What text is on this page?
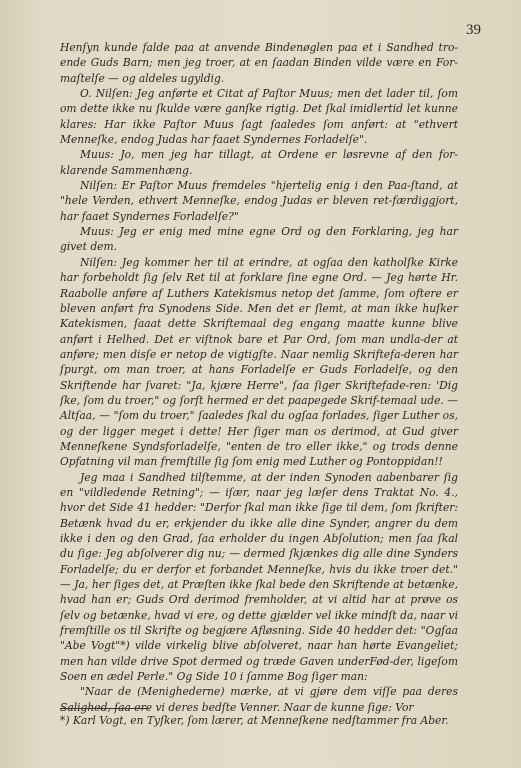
39

Henſyn kunde falde paa at anvende Bindenøglen paa et i Sandhed tro-ende Guds Barn; men jeg troer, at en ſaadan Binden vilde være en For-maſtelſe — og aldeles ugyldig.

O. Nilſen: Jeg anførte et Citat af Paſtor Muus; men det lader til, ſom om dette ikke nu ſkulde være ganſke rigtig. Det ſkal imidlertid let kunne klares: Har ikke Paſtor Muus ſagt ſaaledes ſom anført: at "ethvert Menneſke, endog Judas har faaet Syndernes Forladelſe".

Muus: Jo, men jeg har tillagt, at Ordene er løsrevne af den for-klarende Sammenhæng.

Nilſen: Er Paſtor Muus fremdeles "hjertelig enig i den Paa-ſtand, at "hele Verden, ethvert Menneſke, endog Judas er bleven ret-færdiggjort, har faaet Syndernes Forladelſe?"

Muus: Jeg er enig med mine egne Ord og den Forklaring, jeg har givet dem.

Nilſen: Jeg kommer her til at erindre, at ogſaa den katholſke Kirke har forbeholdt ſig ſelv Ret til at forklare ſine egne Ord. — Jeg hørte Hr. Raabolle anføre af Luthers Katekismus netop det ſamme, ſom oftere er bleven anført fra Synodens Side. Men det er ſlemt, at man ikke huſker Katekismen, ſaaat dette Skriftemaal deg engang maatte kunne blive anført i Helhed. Det er viſtnok bare et Par Ord, ſom man undla-der at anføre; men disſe er netop de vigtigſte. Naar nemlig Skriftefa-deren har ſpurgt, om man troer, at hans Forladelſe er Guds Forladelſe, og den Skriftende har ſvaret: "Ja, kjære Herre", ſaa ſiger Skriftefade-ren: 'Dig ſke, ſom du troer," og ſorſt hermed er det paapegede Skrif-temaal ude. — Altſaa, — "ſom du troer," ſaaledes ſkal du ogſaa forlades, ſiger Luther os, og der ligger meget i dette! Her ſiger man os derimod, at Gud giver Menneſkene Syndsforladelſe, "enten de tro eller ikke," og trods denne Opfatning vil man fremſtille ſig ſom enig med Luther og Pontoppidan!!

Jeg maa i Sandhed tilſtemme, at der inden Synoden aabenbarer ſig en "vildledende Retning"; — iſær, naar jeg læſer dens Traktat No. 4., hvor det Side 41 hedder: "Derfor ſkal man ikke ſige til dem, ſom ſkrifter: Betænk hvad du er, erkjender du ikke alle dine Synder, angrer du dem ikke i den og den Grad, ſaa erholder du ingen Abſolution; men ſaa ſkal du ſige: Jeg abſolverer dig nu; — dermed ſkjænkes dig alle dine Synders Forladelſe; du er derfor et forbandet Menneſke, hvis du ikke troer det." — Ja, her ſiges det, at Præſten ikke ſkal bede den Skriftende at betænke, hvad han er; Guds Ord derimod fremholder, at vi altid har at prøve os ſelv og betænke, hvad vi ere, og dette gjælder vel ikke mindſt da, naar vi fremſtille os til Skrifte og begjære Afløsning. Side 40 hedder det: "Ogſaa "Abe Vogt"*) vilde virkelig blive abſolveret, naar han hørte Evangeliet; men han vilde drive Spot dermed og træde Gaven underFød-der, ligeſom Soen en ædel Perle." Og Side 10 i ſamme Bog ſiger man:

"Naar de (Menighederne) mærke, at vi gjøre dem viſſe paa deres Salighed, ſaa ere vi deres bedſte Venner. Naar de kunne ſige: Vor

*) Karl Vogt, en Tyſker, ſom lærer, at Menneſkene nedſtammer fra Aber.
